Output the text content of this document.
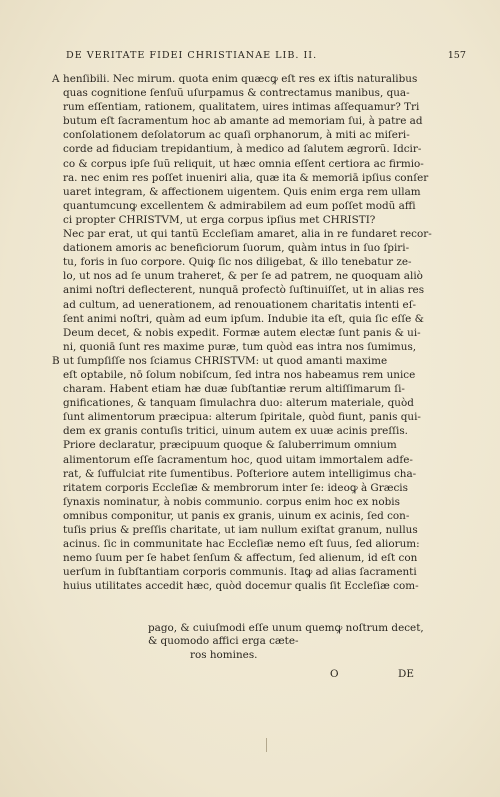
DE VERITATE FIDEI CHRISTIANAE LIB. II.	157
henſibili. Nec mirum. quota enim quæcꝙ eſt res ex iſtis naturalibus
A
quas cognitione ſenſuũ uſurpamus & contrectamus manibus, qua-
rum eſſentiam, rationem, qualitatem, uires intimas aſſequamur? Tri
butum eſt ſacramentum hoc ab amante ad memoriam ſui, à patre ad
conſolationem deſolatorum ac quaſi orphanorum, à miti ac miſeri-
corde ad fiduciam trepidantium, à medico ad ſalutem ægrorũ. Idcir-
co & corpus ipſe ſuũ reliquit, ut hæc omnia eſſent certiora ac firmio-
ra. nec enim res poſſet inueniri alia, quæ ita & memoriā ipſius conſer
uaret integram, & affectionem uigentem. Quis enim erga rem ullam
quantumcunꝙ excellentem & admirabilem ad eum poſſet modũ affi
ci propter CHRISTVM, ut erga corpus ipſius met CHRISTI?
Nec par erat, ut qui tantũ Eccleſiam amaret, alia in re fundaret recor-
dationem amoris ac beneficiorum ſuorum, quàm intus in ſuo ſpiri-
tu, foris in ſuo corpore. Quiꝙ ſic nos diligebat, & illo tenebatur ze-
lo, ut nos ad ſe unum traheret, & per ſe ad patrem, ne quoquam aliò
animi noſtri deflecterent, nunquā profectò ſuſtinuiſſet, ut in alias res
ad cultum, ad uenerationem, ad renouationem charitatis intenti eſ-
ſent animi noſtri, quàm ad eum ipſum. Indubie ita eſt, quia ſic eſſe &
Deum decet, & nobis expedit. Formæ autem electæ ſunt panis & ui-
ni, quoniā ſunt res maxime puræ, tum quòd eas intra nos ſumimus,
ut ſumpſiſſe nos ſciamus CHRISTVM: ut quod amanti maxime
B
eſt optabile, nō ſolum nobiſcum, ſed intra nos habeamus rem unice
charam. Habent etiam hæ duæ ſubſtantiæ rerum altiſſimarum ſi-
gnificationes, & tanquam ſimulachra duo: alterum materiale, quòd
ſunt alimentorum præcipua: alterum ſpiritale, quòd fiunt, panis qui-
dem ex granis contuſis tritici, uinum autem ex uuæ acinis preſſis.
Priore declaratur, præcipuum quoque & ſaluberrimum omnium
alimentorum eſſe ſacramentum hoc, quod uitam immortalem adfe-
rat, & ſuffulciat rite ſumentibus. Poſteriore autem intelligimus cha-
ritatem corporis Eccleſiæ & membrorum inter ſe: ideoꝙ à Græcis
ſynaxis nominatur, à nobis communio. corpus enim hoc ex nobis
omnibus componitur, ut panis ex granis, uinum ex acinis, ſed con-
tuſis prius & preſſis charitate, ut iam nullum exiſtat granum, nullus
acinus. ſic in communitate hac Eccleſiæ nemo eſt ſuus, ſed aliorum:
nemo ſuum per ſe habet ſenſum & affectum, ſed alienum, id eſt con
uerſum in ſubſtantiam corporis communis. Itaꝙ ad alias ſacramenti
huius utilitates accedit hæc, quòd docemur qualis ſit Eccleſiæ com-
pago, & cuiuſmodi eſſe unum quemꝙ noſtrum decet,
& quomodo affici erga cæte-
ros homines.
O	DE
